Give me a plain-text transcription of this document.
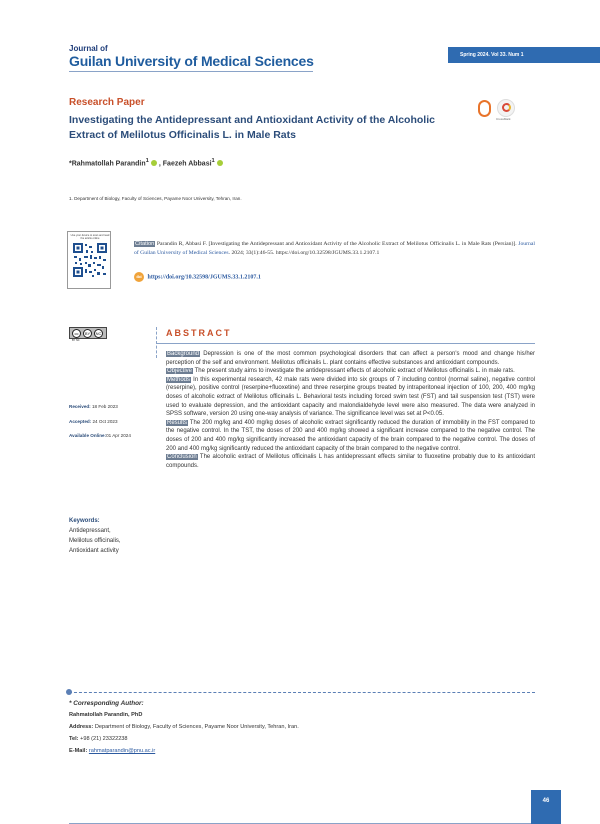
Journal of
Guilan University of Medical Sciences	Spring 2024. Vol 33. Num 1
Research Paper
Investigating the Antidepressant and Antioxidant Activity of the Alcoholic Extract of Melilotus Officinalis L. in Male Rats
CrossMark
*Rahmatollah Parandin$^1$ , Faezeh Abbasi$^1$
1. Department of Biology, Faculty of Sciences, Payame Noor University, Tehran, Iran.
Use your device to scan and read the article online
Citation Parandin R, Abbasi F. [Investigating the Antidepressant and Antioxidant Activity of the Alcoholic Extract of Melilotus Officinalis L. in Male Rats (Persian)]. Journal of Guilan University of Medical Sciences. 2024; 33(1):46-55. https://doi.org/10.32598/JGUMS.33.1.2107.1
doi https://doi.org/10.32598/JGUMS.33.1.2107.1
cc	BY	NC
BY NC
ABSTRACT
Received: 18 Feb 2023
Accepted: 24 Oct 2023
Available Online:01 Apr 2024
Keywords:
Antidepressant,
Melilotus officinalis,
Antioxidant activity

Background Depression is one of the most common psychological disorders that can affect a person's mood and change his/her perception of the self and environment. Melilotus officinalis L. plant contains effective substances and antioxidant compounds.

Objective The present study aims to investigate the antidepressant effects of alcoholic extract of Melilotus officinalis L. in male rats.

Methods In this experimental research, 42 male rats were divided into six groups of 7 including control (normal saline), negative control (reserpine), positive control (reserpine+fluoxetine) and three reserpine groups treated by intraperitoneal injection of 100, 200, 400 mg/kg doses of alcoholic extract of Melilotus officinalis L. Behavioral tests including forced swim test (FST) and tail suspension test (TST) were used to evaluate depression, and the antioxidant capacity and malondialdehyde level were also measured. The data were analyzed in SPSS software, version 20 using one-way analysis of variance. The significance level was set at P<0.05.

Results The 200 mg/kg and 400 mg/kg doses of alcoholic extract significantly reduced the duration of immobility in the FST compared to the negative control. In the TST, the doses of 200 and 400 mg/kg showed a significant increase compared to the negative control. The doses of 200 and 400 mg/kg significantly increased the antioxidant capacity of the brain compared to the negative control. The doses of 200 and 400 mg/kg significantly reduced the antioxidant capacity of the brain compared to the negative control.

Conclusion The alcoholic extract of Melilotus officinalis L has antidepressant effects similar to fluoxetine probably due to its antioxidant compounds.

* Corresponding Author:
Rahmatollah Parandin, PhD
Address: Department of Biology, Faculty of Sciences, Payame Noor University, Tehran, Iran.
Tel: +98 (21) 23322238
E-Mail: rahmatparandin@pnu.ac.ir
46
